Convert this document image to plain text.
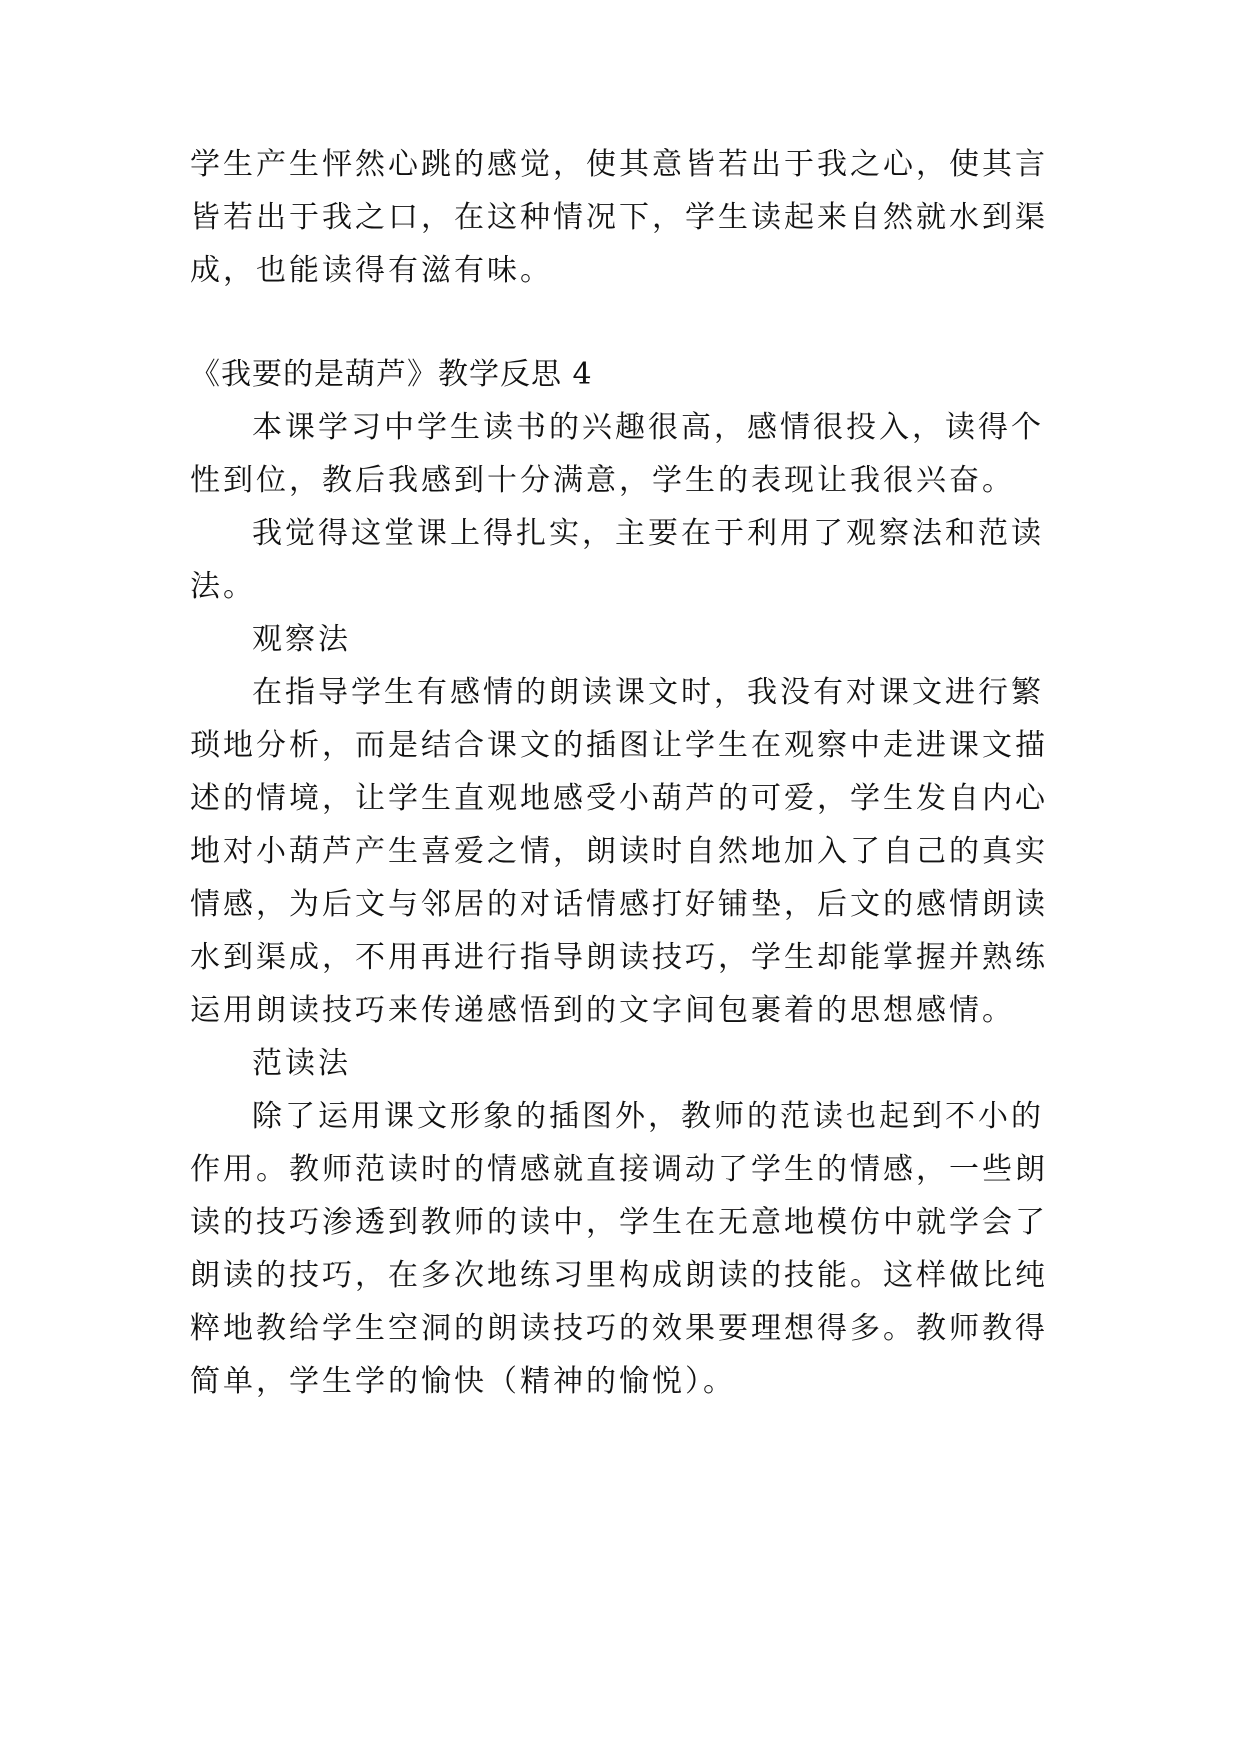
学生产生怦然心跳的感觉，使其意皆若出于我之心，使其言
皆若出于我之口，在这种情况下，学生读起来自然就水到渠
成，也能读得有滋有味。
《我要的是葫芦》教学反思 4
本课学习中学生读书的兴趣很高，感情很投入，读得个
性到位，教后我感到十分满意，学生的表现让我很兴奋。
我觉得这堂课上得扎实，主要在于利用了观察法和范读
法。
观察法
在指导学生有感情的朗读课文时，我没有对课文进行繁
琐地分析，而是结合课文的插图让学生在观察中走进课文描
述的情境，让学生直观地感受小葫芦的可爱，学生发自内心
地对小葫芦产生喜爱之情，朗读时自然地加入了自己的真实
情感，为后文与邻居的对话情感打好铺垫，后文的感情朗读
水到渠成，不用再进行指导朗读技巧，学生却能掌握并熟练
运用朗读技巧来传递感悟到的文字间包裹着的思想感情。
范读法
除了运用课文形象的插图外，教师的范读也起到不小的
作用。教师范读时的情感就直接调动了学生的情感，一些朗
读的技巧渗透到教师的读中，学生在无意地模仿中就学会了
朗读的技巧，在多次地练习里构成朗读的技能。这样做比纯
粹地教给学生空洞的朗读技巧的效果要理想得多。教师教得
简单，学生学的愉快（精神的愉悦）。
